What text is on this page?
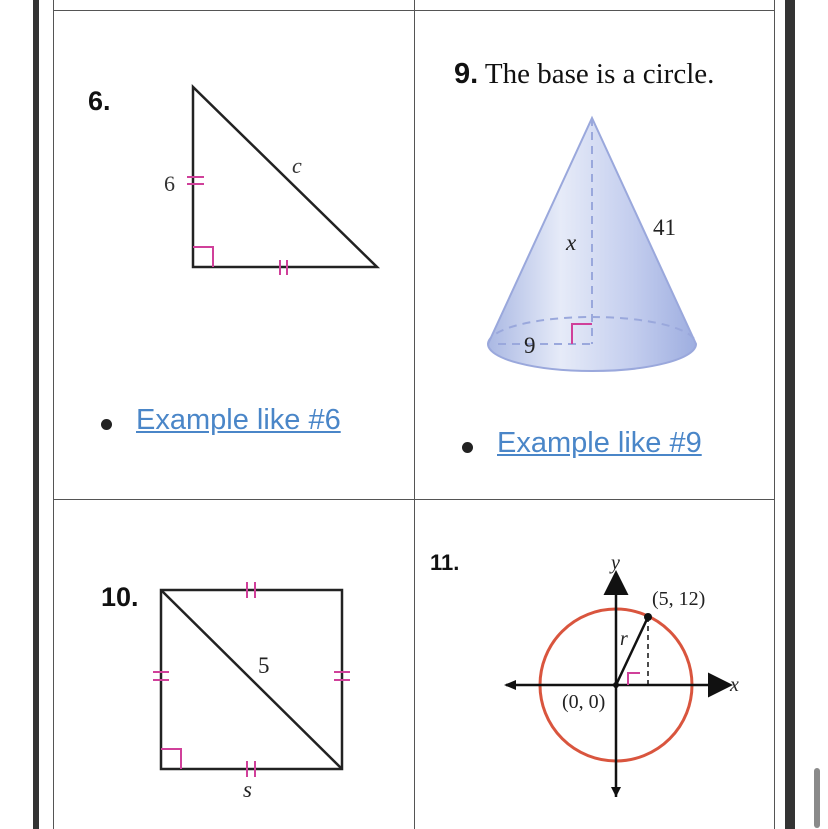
6.
6
c
Example like #6
9. The base is a circle.
x
41
9
Example like #9
10.
5
s
11.	y
x
(5, 12)
(0, 0)
r
